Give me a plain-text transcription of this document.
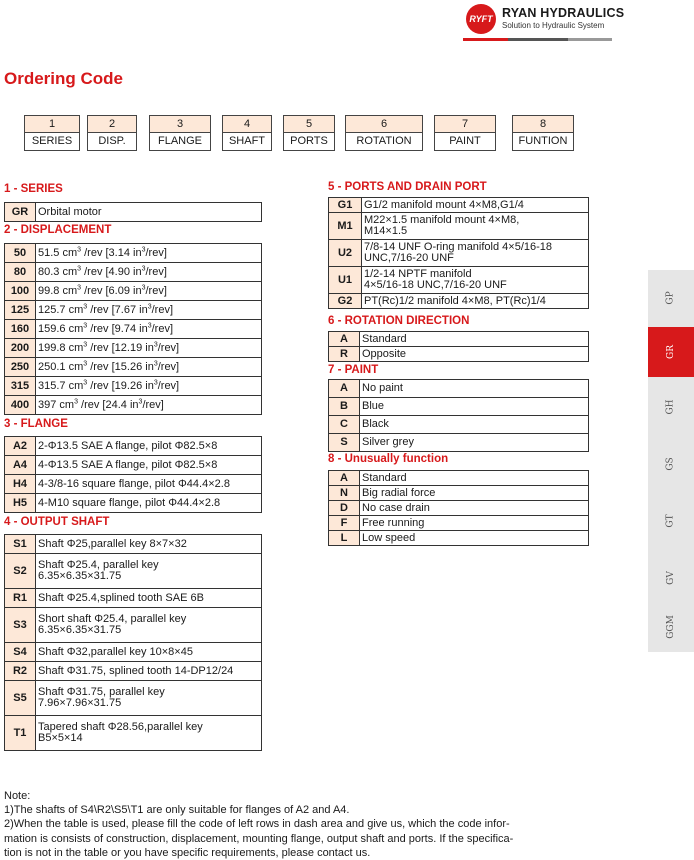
RYFT RYAN HYDRAULICS
Solution to Hydraulic System
Ordering Code
1
SERIES
2
DISP.
3
FLANGE
4
SHAFT
5
PORTS
6
ROTATION
7
PAINT
8
FUNTION
1 - SERIES
GR	Orbital motor
2 - DISPLACEMENT
50	51.5 $cm^3$ /rev [3.14 $in^3/rev$]
80	80.3 $cm^3$ /rev [4.90 $in^3/rev$]
100	99.8 $cm^3$ /rev [6.09 $in^3/rev$]
125	125.7 $cm^3$ /rev [7.67 $in^3/rev$]
160	159.6 $cm^3$ /rev [9.74 $in^3/rev$]
200	199.8 $cm^3$ /rev [12.19 $in^3/rev$]
250	250.1 $cm^3$ /rev [15.26 $in^3/rev$]
315	315.7 $cm^3$ /rev [19.26 $in^3/rev$]
400	397 $cm^3$ /rev [24.4 $in^3/rev$]
3 - FLANGE
A2	2-Φ13.5 SAE A flange, pilot Φ82.5×8
A4	4-Φ13.5 SAE A flange, pilot Φ82.5×8
H4	4-3/8-16 square flange, pilot Φ44.4×2.8
H5	4-M10 square flange, pilot Φ44.4×2.8
4 - OUTPUT SHAFT
S1	Shaft Φ25,parallel key 8×7×32

S2	Shaft Φ25.4, parallel key
6.35×6.35×31.75

R1	Shaft Φ25.4,splined tooth SAE 6B

S3	Short shaft Φ25.4, parallel key
6.35×6.35×31.75

S4	Shaft Φ32,parallel key 10×8×45

R2	Shaft Φ31.75, splined tooth 14-DP12/24

S5	Shaft Φ31.75, parallel key
7.96×7.96×31.75

T1	Tapered shaft Φ28.56,parallel key
B5×5×14
5 - PORTS AND DRAIN PORT
G1	G1/2 manifold mount 4×M8,G1/4

M1	M22×1.5 manifold mount 4×M8,
M14×1.5

U2	7/8-14 UNF O-ring manifold 4×5/16-18
UNC,7/16-20 UNF

U1	1/2-14 NPTF manifold
4×5/16-18 UNC,7/16-20 UNF

G2	PT(Rc)1/2 manifold 4×M8, PT(Rc)1/4
6 - ROTATION DIRECTION
A	Standard
R	Opposite
7 - PAINT
A	No paint
B	Blue
C	Black
S	Silver grey
8 - Unusually function
A	Standard
N	Big radial force
D	No case drain
F	Free running
L	Low speed
GP
GR
GH
GS
GT
GV
GGM
Note:
1)The shafts of S4\R2\S5\T1 are only suitable for flanges of A2 and A4.
2)When the table is used, please fill the code of left rows in dash area and give us, which the code infor-
mation is consists of construction, displacement, mounting flange, output shaft and ports. If the specifica-
tion is not in the table or you have specific requirements, please contact us.
